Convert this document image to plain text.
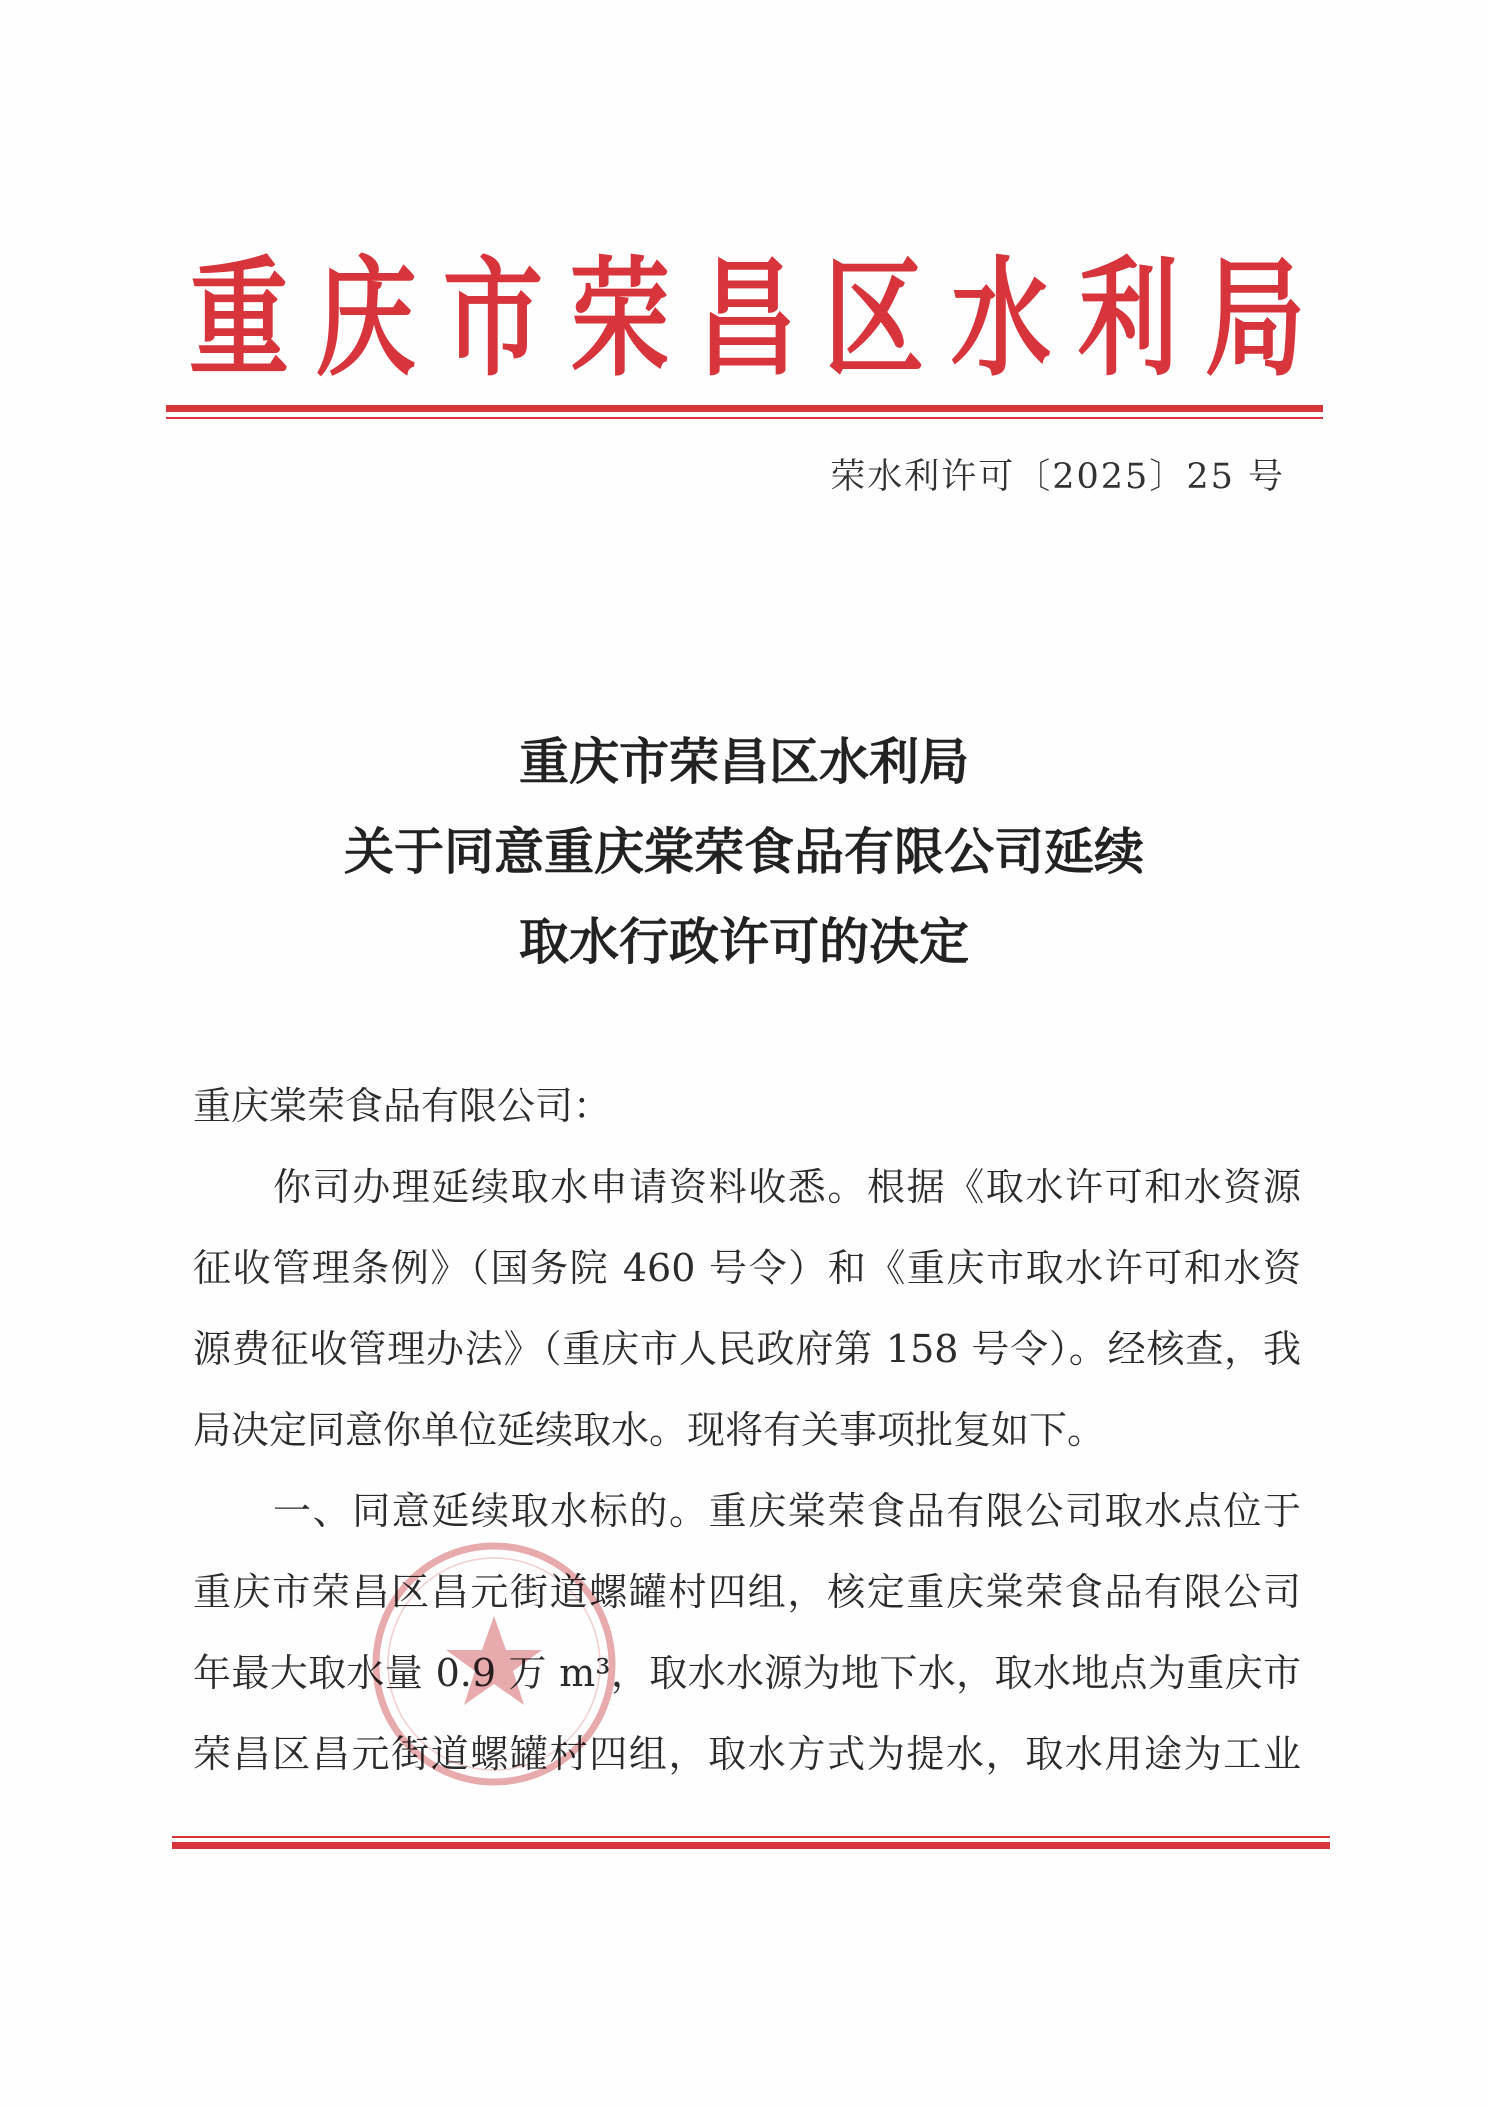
重庆市荣昌区水利局
荣水利许可〔2025〕25 号
重庆市荣昌区水利局
关于同意重庆棠荣食品有限公司延续
取水行政许可的决定
重庆棠荣食品有限公司：
你司办理延续取水申请资料收悉。根据《取水许可和水资源
征收管理条例》（国务院 460 号令）和《重庆市取水许可和水资
源费征收管理办法》（重庆市人民政府第 158 号令）。经核查，我
局决定同意你单位延续取水。现将有关事项批复如下。
一、同意延续取水标的。重庆棠荣食品有限公司取水点位于
重庆市荣昌区昌元街道螺罐村四组，核定重庆棠荣食品有限公司
年最大取水量 0.9 万 m³，取水水源为地下水，取水地点为重庆市
荣昌区昌元街道螺罐村四组，取水方式为提水，取水用途为工业
